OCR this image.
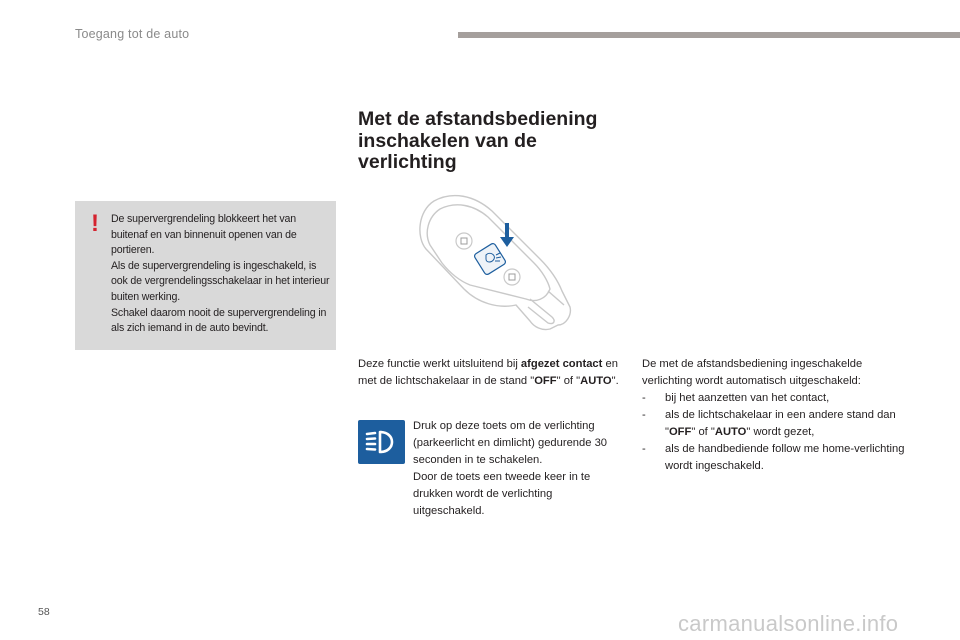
Toegang tot de auto
!	De supervergrendeling blokkeert het van buitenaf en van binnenuit openen van de portieren.

Als de supervergrendeling is ingeschakeld, is ook de vergrendelingsschakelaar in het interieur buiten werking.

Schakel daarom nooit de supervergrendeling in als zich iemand in de auto bevindt.

Met de afstandsbediening inschakelen van de verlichting

Deze functie werkt uitsluitend bij afgezet contact en met de lichtschakelaar in de stand "OFF" of "AUTO".

Druk op deze toets om de verlichting (parkeerlicht en dimlicht) gedurende 30 seconden in te schakelen.

Door de toets een tweede keer in te drukken wordt de verlichting uitgeschakeld.

De met de afstandsbediening ingeschakelde verlichting wordt automatisch uitgeschakeld:

- bij het aanzetten van het contact,
- als de lichtschakelaar in een andere stand dan "OFF" of "AUTO" wordt gezet,
- als de handbediende follow me home-verlichting wordt ingeschakeld.
58	carmanualsonline.info
